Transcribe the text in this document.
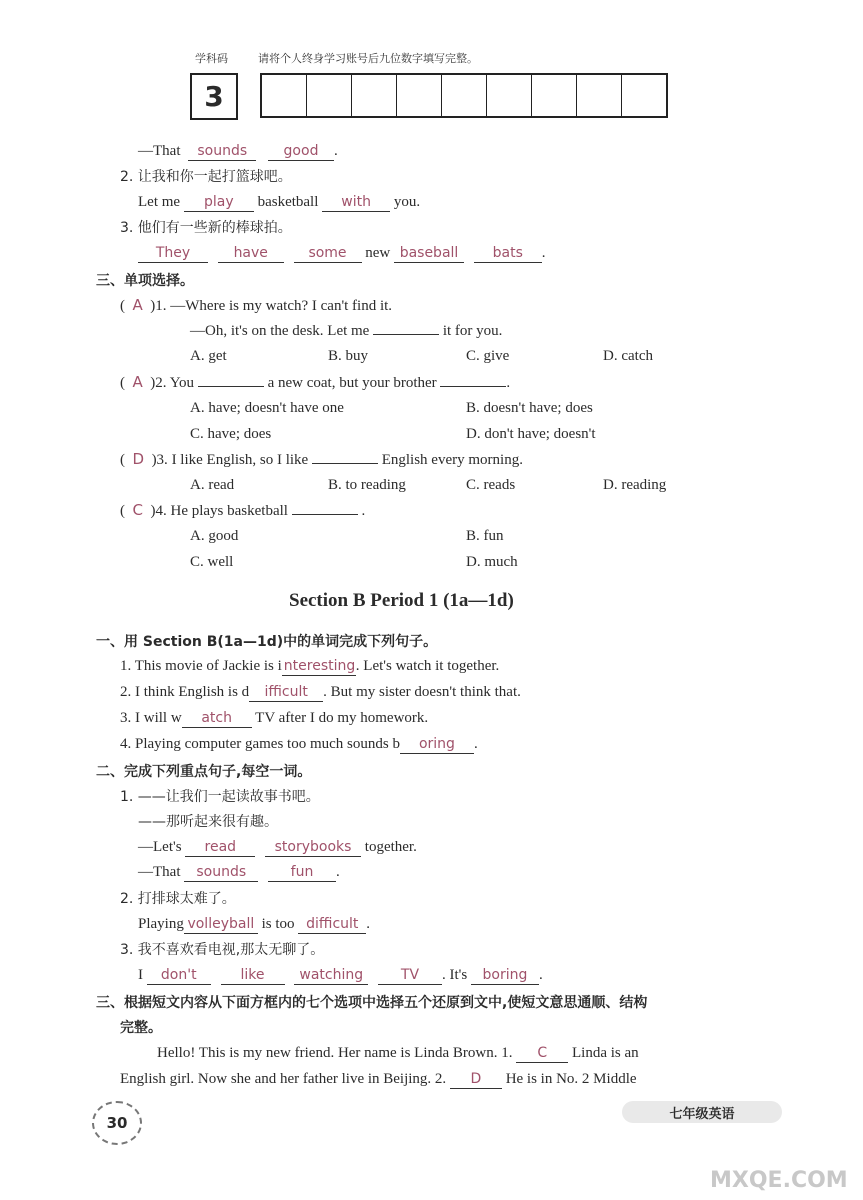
学科码	请将个人终身学习账号后九位数字填写完整。
3
—That sounds	good .
2. 让我和你一起打篮球吧。
Let me play basketball with you.
3. 他们有一些新的棒球拍。
They	have	some new baseball bats .
三、单项选择。
(  A )1. —Where is my watch? I can't find it.
—Oh, it's on the desk. Let me	it for you.
A. get	B. buy	C. give	D. catch
(  A )2. You	a new coat, but your brother	.
A. have; doesn't have one	B. doesn't have; does
C. have; does	D. don't have; doesn't
(  D )3. I like English, so I like	English every morning.
A. read	B. to reading	C. reads	D. reading
(  C )4. He plays basketball	.
A. good	B. fun
C. well	D. much
Section B Period 1 (1a—1d)
一、用 Section B(1a—1d)中的单词完成下列句子。
1. This movie of Jackie is i nteresting. Let's watch it together.
2. I think English is d ifficult . But my sister doesn't think that.
3. I will w atch TV after I do my homework.
4. Playing computer games too much sounds b oring .
二、完成下列重点句子,每空一词。
1. ——让我们一起读故事书吧。
——那听起来很有趣。
—Let's read	storybooks together.
—That sounds	fun .
2. 打排球太难了。
Playing volleyball is too difficult .
3. 我不喜欢看电视,那太无聊了。
I don't	like watching	TV . It's boring .
三、根据短文内容从下面方框内的七个选项中选择五个还原到文中,使短文意思通顺、结构
完整。
Hello! This is my new friend. Her name is Linda Brown. 1. C Linda is an
English girl. Now she and her father live in Beijing. 2. D He is in No. 2 Middle
30	七年级英语
MXQE.COM
